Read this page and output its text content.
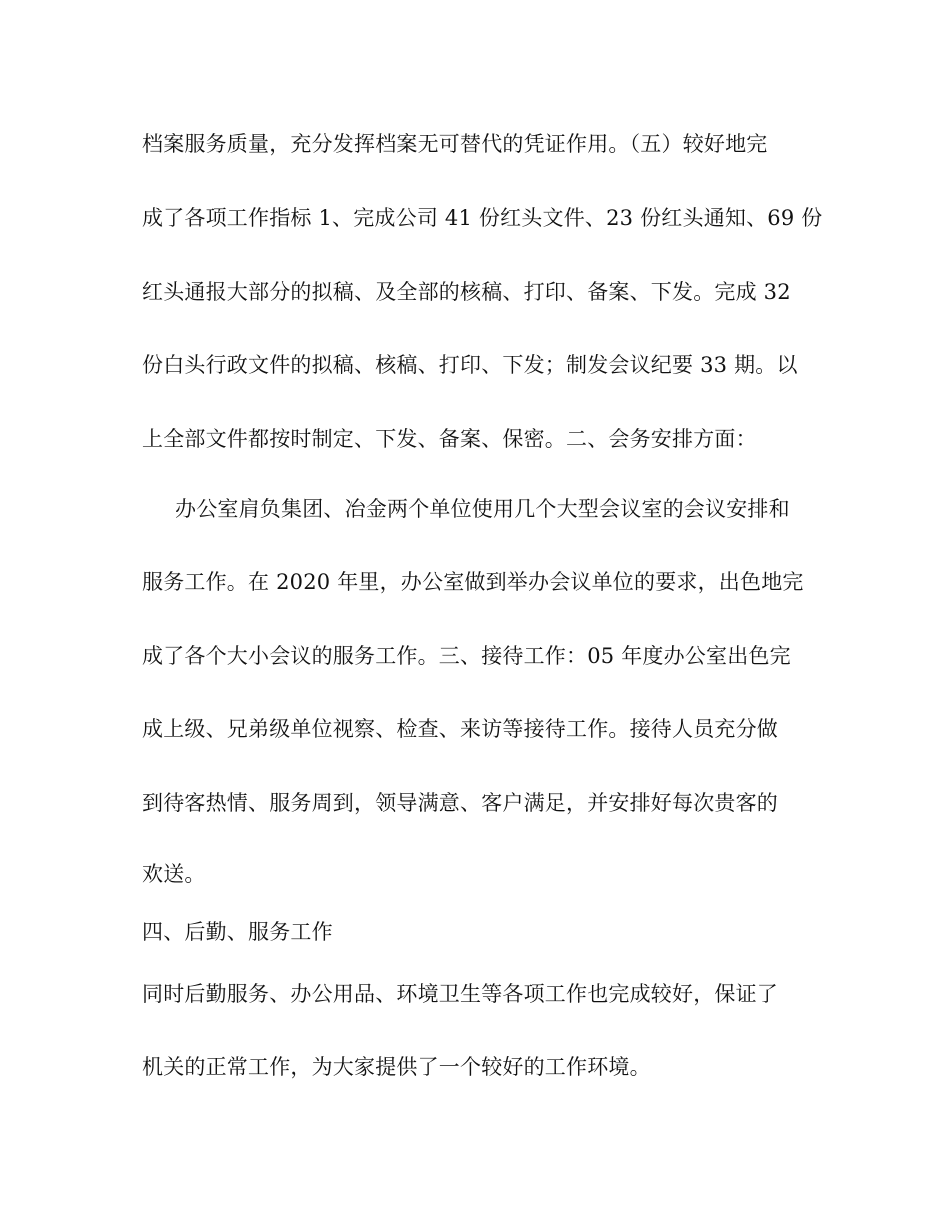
档案服务质量，充分发挥档案无可替代的凭证作用。（五）较好地完
成了各项工作指标 1、完成公司 41 份红头文件、23 份红头通知、69 份
红头通报大部分的拟稿、及全部的核稿、打印、备案、下发。完成 32
份白头行政文件的拟稿、核稿、打印、下发；制发会议纪要 33 期。以
上全部文件都按时制定、下发、备案、保密。二、会务安排方面：
办公室肩负集团、冶金两个单位使用几个大型会议室的会议安排和
服务工作。在 2020 年里，办公室做到举办会议单位的要求，出色地完
成了各个大小会议的服务工作。三、接待工作：05 年度办公室出色完
成上级、兄弟级单位视察、检查、来访等接待工作。接待人员充分做
到待客热情、服务周到，领导满意、客户满足，并安排好每次贵客的
欢送。
四、后勤、服务工作
同时后勤服务、办公用品、环境卫生等各项工作也完成较好，保证了
机关的正常工作，为大家提供了一个较好的工作环境。
